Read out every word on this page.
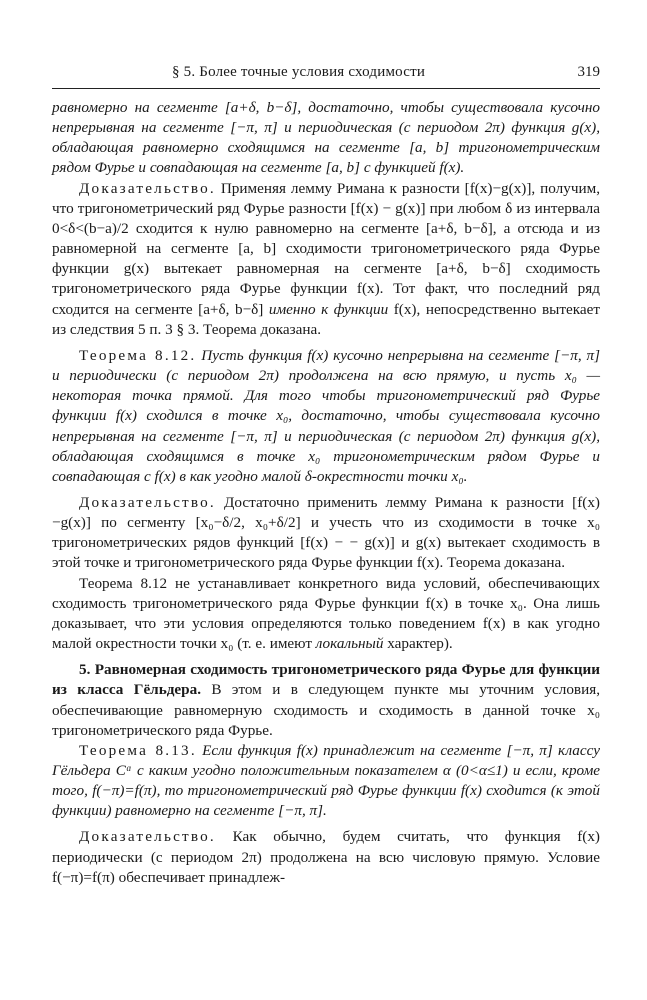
§ 5. Более точные условия сходимости	319

равномерно на сегменте [a+δ, b−δ], достаточно, чтобы существовала кусочно непрерывная на сегменте [−π, π] и периодическая (с периодом 2π) функция g(x), обладающая равномерно сходящимся на сегменте [a, b] тригонометрическим рядом Фурье и совпадающая на сегменте [a, b] с функцией f(x).

Доказательство. Применяя лемму Римана к разности [f(x)−g(x)], получим, что тригонометрический ряд Фурье разности [f(x) − g(x)] при любом δ из интервала 0<δ<(b−a)/2 сходится к нулю равномерно на сегменте [a+δ, b−δ], а отсюда и из равномерной на сегменте [a, b] сходимости тригонометрического ряда Фурье функции g(x) вытекает равномерная на сегменте [a+δ, b−δ] сходимость тригонометрического ряда Фурье функции f(x). Тот факт, что последний ряд сходится на сегменте [a+δ, b−δ] именно к функции f(x), непосредственно вытекает из следствия 5 п. 3 § 3. Теорема доказана.

Теорема 8.12. Пусть функция f(x) кусочно непрерывна на сегменте [−π, π] и периодически (с периодом 2π) продолжена на всю прямую, и пусть x₀ — некоторая точка прямой. Для того чтобы тригонометрический ряд Фурье функции f(x) сходился в точке x₀, достаточно, чтобы существовала кусочно непрерывная на сегменте [−π, π] и периодическая (с периодом 2π) функция g(x), обладающая сходящимся в точке x₀ тригонометрическим рядом Фурье и совпадающая с f(x) в как угодно малой δ-окрестности точки x₀.

Доказательство. Достаточно применить лемму Римана к разности [f(x)−g(x)] по сегменту [x₀−δ/2, x₀+δ/2] и учесть что из сходимости в точке x₀ тригонометрических рядов функций [f(x) − − g(x)] и g(x) вытекает сходимость в этой точке и тригонометрического ряда Фурье функции f(x). Теорема доказана.

Теорема 8.12 не устанавливает конкретного вида условий, обеспечивающих сходимость тригонометрического ряда Фурье функции f(x) в точке x₀. Она лишь доказывает, что эти условия определяются только поведением f(x) в как угодно малой окрестности точки x₀ (т. е. имеют локальный характер).

5. Равномерная сходимость тригонометрического ряда Фурье для функции из класса Гёльдера. В этом и в следующем пункте мы уточним условия, обеспечивающие равномерную сходимость и сходимость в данной точке x₀ тригонометрического ряда Фурье.

Теорема 8.13. Если функция f(x) принадлежит на сегменте [−π, π] классу Гёльдера Cᵅ с каким угодно положительным показателем α (0<α≤1) и если, кроме того, f(−π)=f(π), то тригонометрический ряд Фурье функции f(x) сходится (к этой функции) равномерно на сегменте [−π, π].

Доказательство. Как обычно, будем считать, что функция f(x) периодически (с периодом 2π) продолжена на всю числовую прямую. Условие f(−π)=f(π) обеспечивает принадлеж-
